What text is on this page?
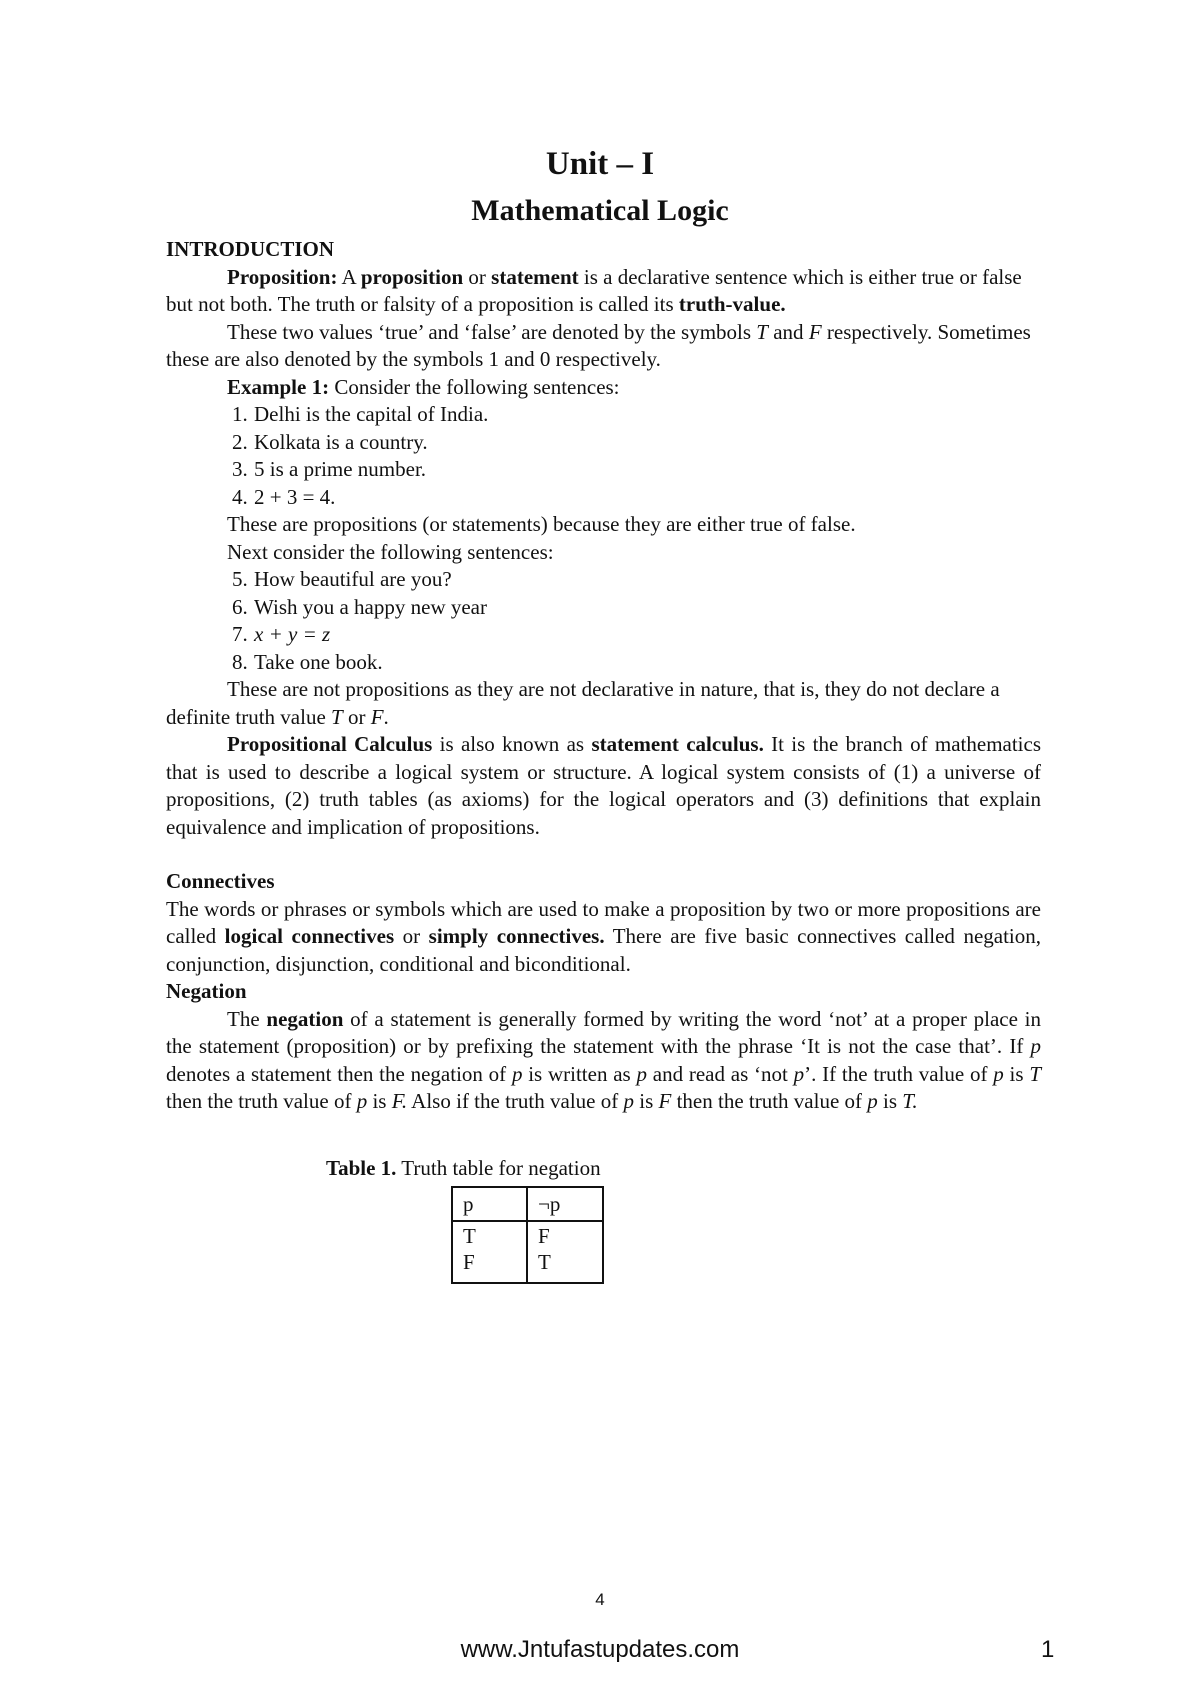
Unit – I
Mathematical Logic

INTRODUCTION

Proposition: A proposition or statement is a declarative sentence which is either true or false but not both. The truth or falsity of a proposition is called its truth-value.

These two values ‘true’ and ‘false’ are denoted by the symbols T and F respectively. Sometimes these are also denoted by the symbols 1 and 0 respectively.

Example 1: Consider the following sentences:

1. Delhi is the capital of India.

2. Kolkata is a country.

3. 5 is a prime number.

4. 2 + 3 = 4.

These are propositions (or statements) because they are either true of false.

Next consider the following sentences:

5. How beautiful are you?

6. Wish you a happy new year

7. x + y = z

8. Take one book.

These are not propositions as they are not declarative in nature, that is, they do not declare a definite truth value T or F.

Propositional Calculus is also known as statement calculus. It is the branch of mathematics that is used to describe a logical system or structure. A logical system consists of (1) a universe of propositions, (2) truth tables (as axioms) for the logical operators and (3) definitions that explain equivalence and implication of propositions.

Connectives

The words or phrases or symbols which are used to make a proposition by two or more propositions are called logical connectives or simply connectives. There are five basic connectives called negation, conjunction, disjunction, conditional and biconditional.

Negation

The negation of a statement is generally formed by writing the word ‘not’ at a proper place in the statement (proposition) or by prefixing the statement with the phrase ‘It is not the case that’. If p denotes a statement then the negation of p is written as p and read as ‘not p’. If the truth value of p is T then the truth value of p is F. Also if the truth value of p is F then the truth value of p is T.

Table 1. Truth table for negation
p	¬p
T	F
F	T
4
www.Jntufastupdates.com	1
